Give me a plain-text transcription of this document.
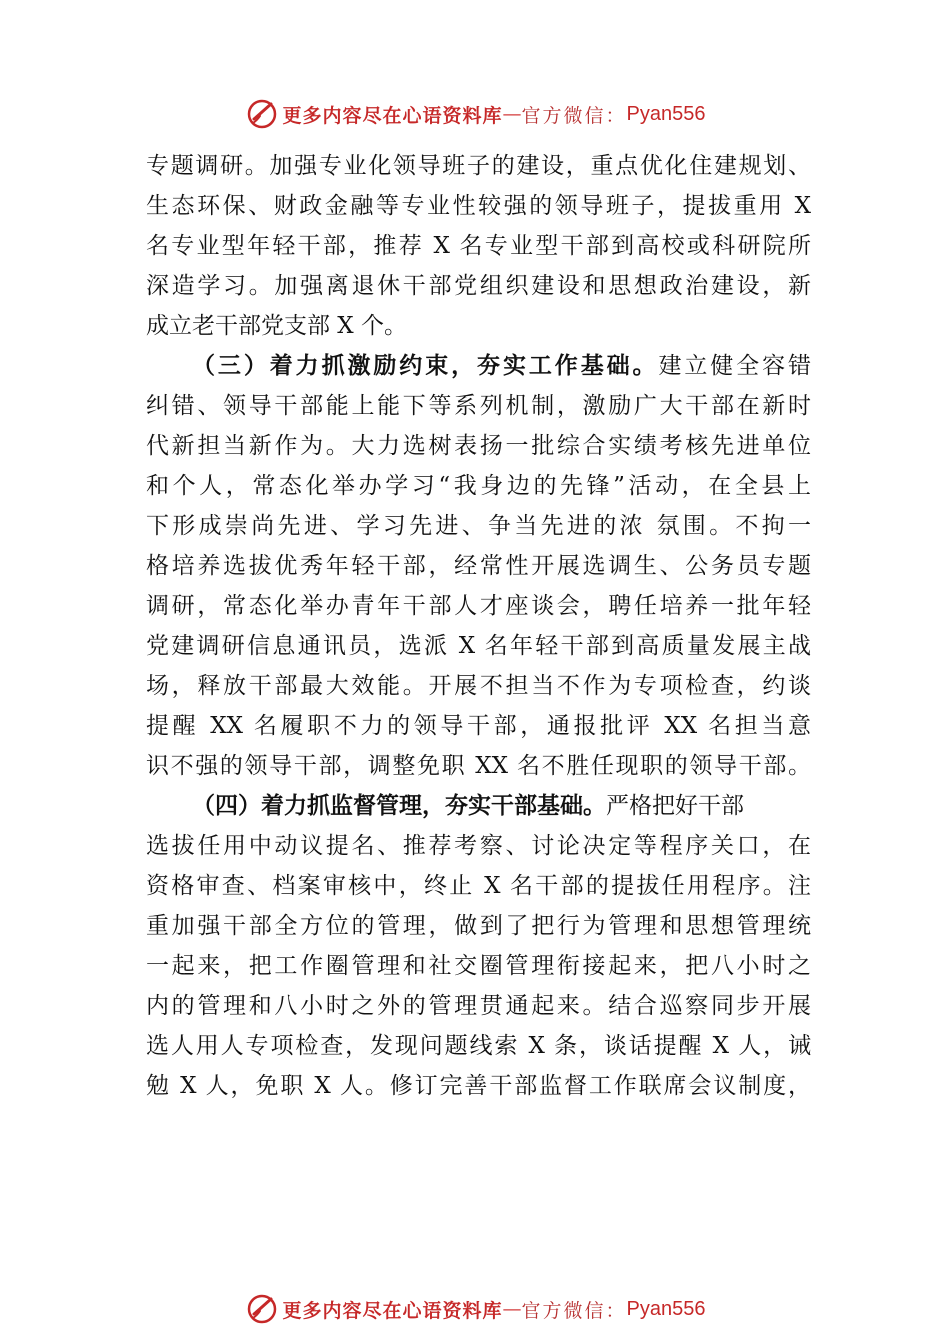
更多内容尽在心语资料库 — 官方微信： Pyan556
专题调研。加强专业化领导班子的建设，重点优化住建规划、
生态环保、财政金融等专业性较强的领导班子，提拔重用 X
名专业型年轻干部，推荐 X 名专业型干部到高校或科研院所
深造学习。加强离退休干部党组织建设和思想政治建设，新
成立老干部党支部 X 个。
（三）着力抓激励约束，夯实工作基础。建立健全容错
纠错、领导干部能上能下等系列机制，激励广大干部在新时
代新担当新作为。大力选树表扬一批综合实绩考核先进单位
和个人，常态化举办学习“我身边的先锋”活动，在全县上
下形成崇尚先进、学习先进、争当先进的浓 氛围。不拘一
格培养选拔优秀年轻干部，经常性开展选调生、公务员专题
调研，常态化举办青年干部人才座谈会，聘任培养一批年轻
党建调研信息通讯员，选派 X 名年轻干部到高质量发展主战
场，释放干部最大效能。开展不担当不作为专项检查，约谈
提醒 XX 名履职不力的领导干部，通报批评 XX 名担当意
识不强的领导干部，调整免职 XX 名不胜任现职的领导干部。
（四）着力抓监督管理，夯实干部基础。严格把好干部
选拔任用中动议提名、推荐考察、讨论决定等程序关口，在
资格审查、档案审核中，终止 X 名干部的提拔任用程序。注
重加强干部全方位的管理，做到了把行为管理和思想管理统
一起来，把工作圈管理和社交圈管理衔接起来，把八小时之
内的管理和八小时之外的管理贯通起来。结合巡察同步开展
选人用人专项检查，发现问题线索 X 条，谈话提醒 X 人，诫
勉 X 人，免职 X 人。修订完善干部监督工作联席会议制度，
更多内容尽在心语资料库 — 官方微信： Pyan556
